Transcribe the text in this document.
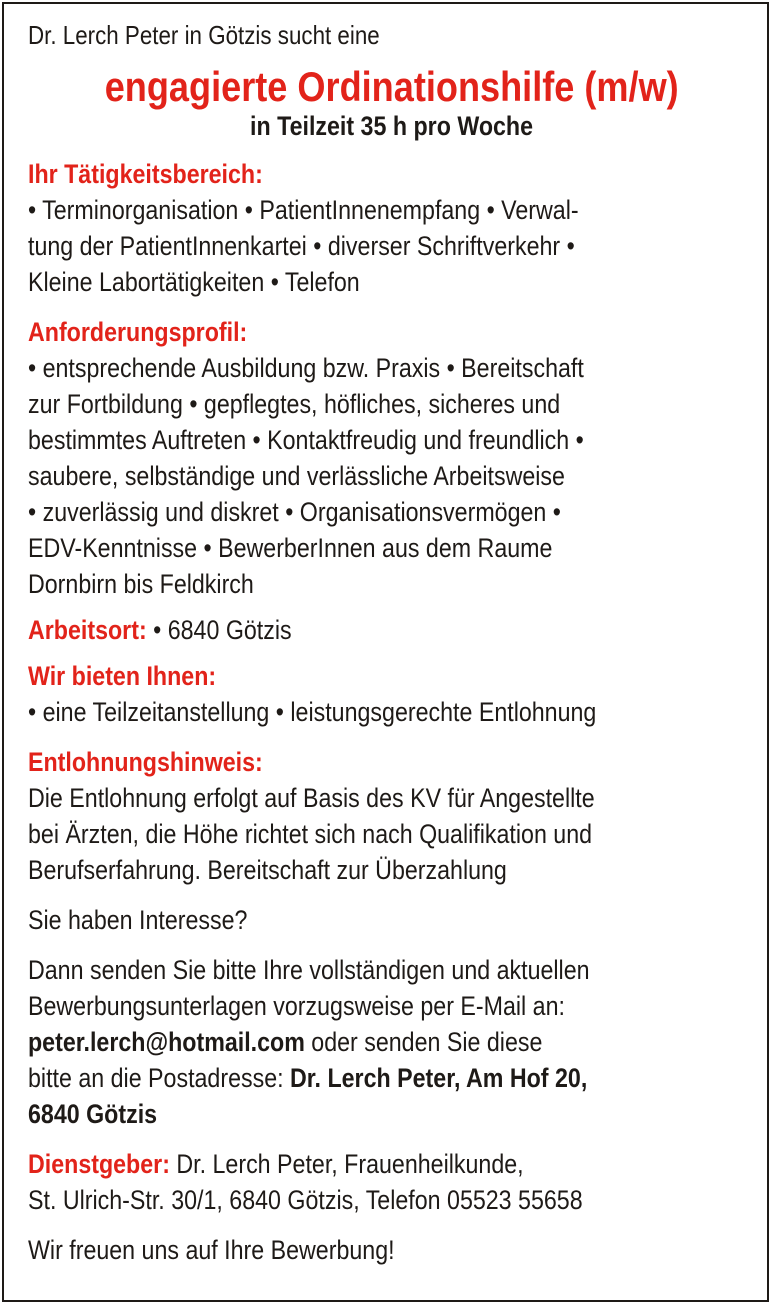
Dr. Lerch Peter in Götzis sucht eine
engagierte Ordinationshilfe (m/w)
in Teilzeit 35 h pro Woche
Ihr Tätigkeitsbereich:
• Terminorganisation • PatientInnenempfang • Verwal-
tung der PatientInnenkartei • diverser Schriftverkehr •
Kleine Labortätigkeiten • Telefon
Anforderungsprofil:
• entsprechende Ausbildung bzw. Praxis • Bereitschaft
zur Fortbildung • gepflegtes, höfliches, sicheres und
bestimmtes Auftreten • Kontaktfreudig und freundlich •
saubere, selbständige und verlässliche Arbeitsweise
• zuverlässig und diskret • Organisationsvermögen •
EDV-Kenntnisse • BewerberInnen aus dem Raume
Dornbirn bis Feldkirch
Arbeitsort: • 6840 Götzis
Wir bieten Ihnen:
• eine Teilzeitanstellung • leistungsgerechte Entlohnung
Entlohnungshinweis:
Die Entlohnung erfolgt auf Basis des KV für Angestellte
bei Ärzten, die Höhe richtet sich nach Qualifikation und
Berufserfahrung. Bereitschaft zur Überzahlung
Sie haben Interesse?
Dann senden Sie bitte Ihre vollständigen und aktuellen
Bewerbungsunterlagen vorzugsweise per E-Mail an:
peter.lerch@hotmail.com oder senden Sie diese
bitte an die Postadresse: Dr. Lerch Peter, Am Hof 20,
6840 Götzis
Dienstgeber: Dr. Lerch Peter, Frauenheilkunde,
St. Ulrich-Str. 30/1, 6840 Götzis, Telefon 05523 55658
Wir freuen uns auf Ihre Bewerbung!
